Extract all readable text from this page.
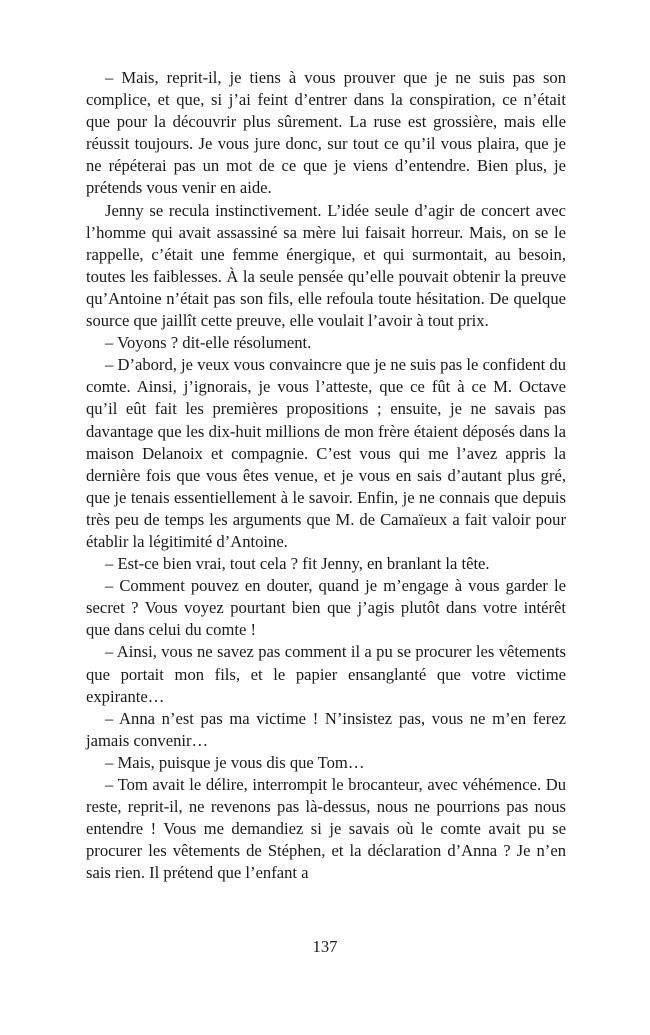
– Mais, reprit-il, je tiens à vous prouver que je ne suis pas son complice, et que, si j’ai feint d’entrer dans la conspiration, ce n’était que pour la découvrir plus sûrement. La ruse est grossière, mais elle réussit toujours. Je vous jure donc, sur tout ce qu’il vous plaira, que je ne répéterai pas un mot de ce que je viens d’entendre. Bien plus, je prétends vous venir en aide.

Jenny se recula instinctivement. L’idée seule d’agir de concert avec l’homme qui avait assassiné sa mère lui faisait horreur. Mais, on se le rappelle, c’était une femme énergique, et qui surmontait, au besoin, toutes les faiblesses. À la seule pensée qu’elle pouvait obtenir la preuve qu’Antoine n’était pas son fils, elle refoula toute hésitation. De quelque source que jaillît cette preuve, elle voulait l’avoir à tout prix.

– Voyons ? dit-elle résolument.

– D’abord, je veux vous convaincre que je ne suis pas le confident du comte. Ainsi, j’ignorais, je vous l’atteste, que ce fût à ce M. Octave qu’il eût fait les premières propositions ; ensuite, je ne savais pas davantage que les dix-huit millions de mon frère étaient déposés dans la maison Delanoix et compagnie. C’est vous qui me l’avez appris la dernière fois que vous êtes venue, et je vous en sais d’autant plus gré, que je tenais essentiellement à le savoir. Enfin, je ne connais que depuis très peu de temps les arguments que M. de Camaïeux a fait valoir pour établir la légitimité d’Antoine.

– Est-ce bien vrai, tout cela ? fit Jenny, en branlant la tête.

– Comment pouvez en douter, quand je m’engage à vous garder le secret ? Vous voyez pourtant bien que j’agis plutôt dans votre intérêt que dans celui du comte !

– Ainsi, vous ne savez pas comment il a pu se procurer les vêtements que portait mon fils, et le papier ensanglanté que votre victime expirante…

– Anna n’est pas ma victime ! N’insistez pas, vous ne m’en ferez jamais convenir…

– Mais, puisque je vous dis que Tom…

– Tom avait le délire, interrompit le brocanteur, avec véhémence. Du reste, reprit-il, ne revenons pas là-dessus, nous ne pourrions pas nous entendre ! Vous me demandiez si je savais où le comte avait pu se procurer les vêtements de Stéphen, et la déclaration d’Anna ? Je n’en sais rien. Il prétend que l’enfant a

137
